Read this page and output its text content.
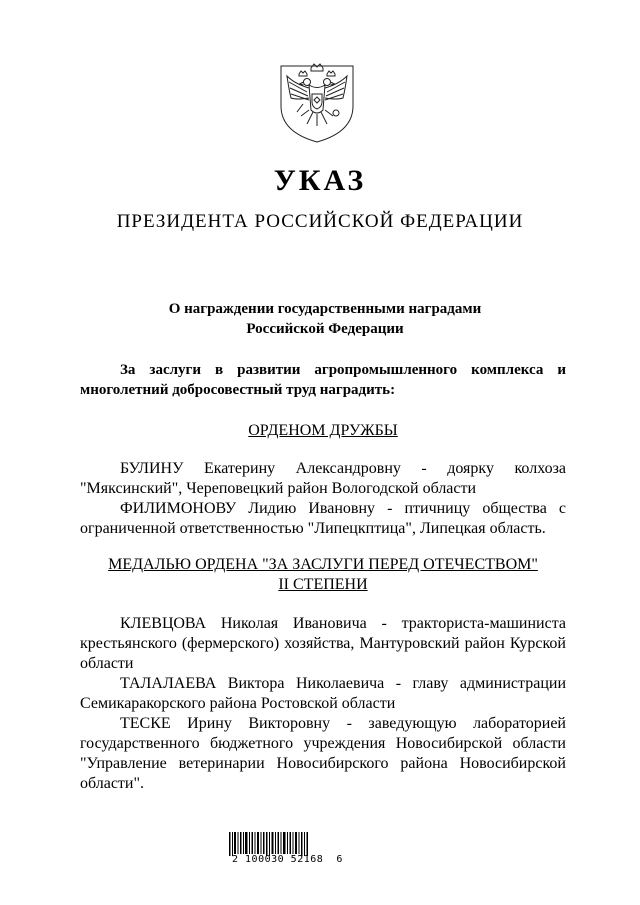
УКАЗ
ПРЕЗИДЕНТА РОССИЙСКОЙ ФЕДЕРАЦИИ
О награждении государственными наградами
Российской Федерации
За заслуги в развитии агропромышленного комплекса и многолетний добросовестный труд наградить:
ОРДЕНОМ ДРУЖБЫ

БУЛИНУ Екатерину Александровну - доярку колхоза "Мяксинский", Череповецкий район Вологодской области

ФИЛИМОНОВУ Лидию Ивановну - птичницу общества с ограниченной ответственностью "Липецкптица", Липецкая область.

МЕДАЛЬЮ ОРДЕНА "ЗА ЗАСЛУГИ ПЕРЕД ОТЕЧЕСТВОМ"
II СТЕПЕНИ

КЛЕВЦОВА Николая Ивановича - тракториста-машиниста крестьянского (фермерского) хозяйства, Мантуровский район Курской области

ТАЛАЛАЕВА Виктора Николаевича - главу администрации Семикаракорского района Ростовской области

ТЕСКЕ Ирину Викторовну - заведующую лабораторией государственного бюджетного учреждения Новосибирской области "Управление ветеринарии Новосибирского района Новосибирской области".

2 100030 52168  6
